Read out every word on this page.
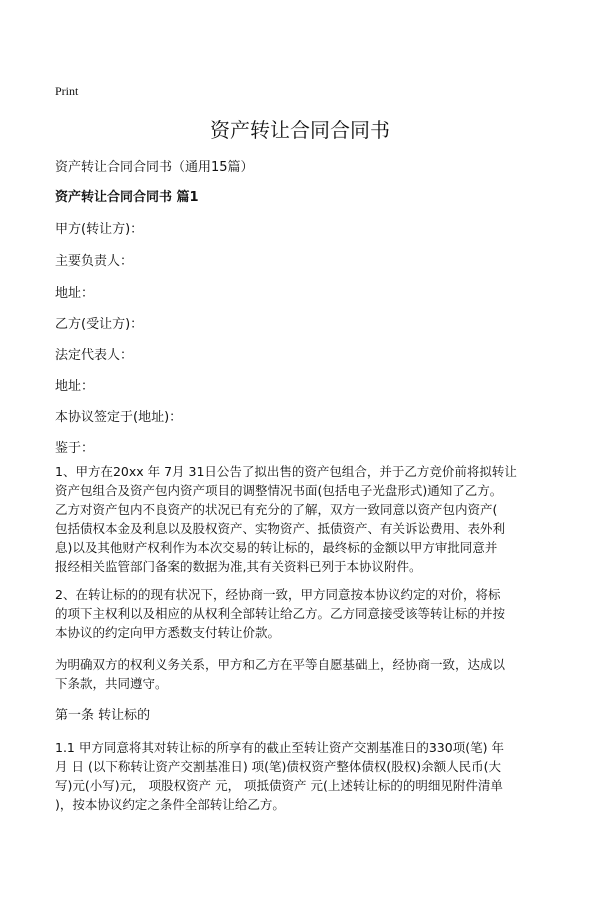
Print
资产转让合同合同书
资产转让合同合同书（通用15篇）
资产转让合同合同书 篇1
甲方(转让方)：
主要负责人：
地址：
乙方(受让方)：
法定代表人：
地址：
本协议签定于(地址)：
鉴于：
1、甲方在20xx 年 7月 31日公告了拟出售的资产包组合，并于乙方竞价前将拟转让
资产包组合及资产包内资产项目的调整情况书面(包括电子光盘形式)通知了乙方。
乙方对资产包内不良资产的状况已有充分的了解，双方一致同意以资产包内资产(
包括债权本金及利息以及股权资产、实物资产、抵债资产、有关诉讼费用、表外利
息)以及其他财产权利作为本次交易的转让标的，最终标的金额以甲方审批同意并
报经相关监管部门备案的数据为准,其有关资料已列于本协议附件。
2、在转让标的的现有状况下，经协商一致，甲方同意按本协议约定的对价，将标
的项下主权利以及相应的从权利全部转让给乙方。乙方同意接受该等转让标的并按
本协议的约定向甲方悉数支付转让价款。
为明确双方的权利义务关系，甲方和乙方在平等自愿基础上，经协商一致，达成以
下条款，共同遵守。
第一条 转让标的
1.1 甲方同意将其对转让标的所享有的截止至转让资产交割基准日的330项(笔) 年
月 日 (以下称转让资产交割基准日) 项(笔)债权资产整体债权(股权)余额人民币(大
写)元(小写)元， 项股权资产 元， 项抵债资产 元(上述转让标的的明细见附件清单
)，按本协议约定之条件全部转让给乙方。
